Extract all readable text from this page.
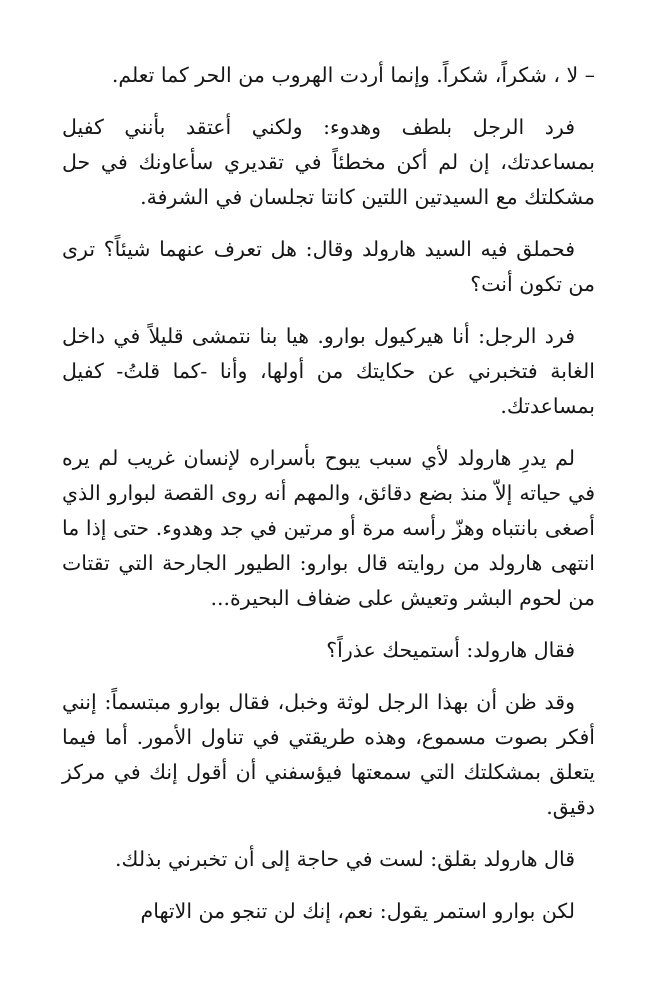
– لا ، شكراً، شكراً. وإنما أردت الهروب من الحر كما تعلم.

فرد الرجل بلطف وهدوء: ولكني أعتقد بأنني كفيل بمساعدتك، إن لم أكن مخطئاً في تقديري سأعاونك في حل مشكلتك مع السيدتين اللتين كانتا تجلسان في الشرفة.

فحملق فيه السيد هارولد وقال: هل تعرف عنهما شيئاً؟ ترى من تكون أنت؟

فرد الرجل: أنا هيركيول بوارو. هيا بنا نتمشى قليلاً في داخل الغابة فتخبرني عن حكايتك من أولها، وأنا -كما قلتُ- كفيل بمساعدتك.

لم يدرِ هارولد لأي سبب يبوح بأسراره لإنسان غريب لم يره في حياته إلاّ منذ بضع دقائق، والمهم أنه روى القصة لبوارو الذي أصغى بانتباه وهزّ رأسه مرة أو مرتين في جد وهدوء. حتى إذا ما انتهى هارولد من روايته قال بوارو: الطيور الجارحة التي تقتات من لحوم البشر وتعيش على ضفاف البحيرة...

فقال هارولد: أستميحك عذراً؟

وقد ظن أن بهذا الرجل لوثة وخبل، فقال بوارو مبتسماً: إنني أفكر بصوت مسموع، وهذه طريقتي في تناول الأمور. أما فيما يتعلق بمشكلتك التي سمعتها فيؤسفني أن أقول إنك في مركز دقيق.

قال هارولد بقلق: لست في حاجة إلى أن تخبرني بذلك.

لكن بوارو استمر يقول: نعم، إنك لن تنجو من الاتهام
